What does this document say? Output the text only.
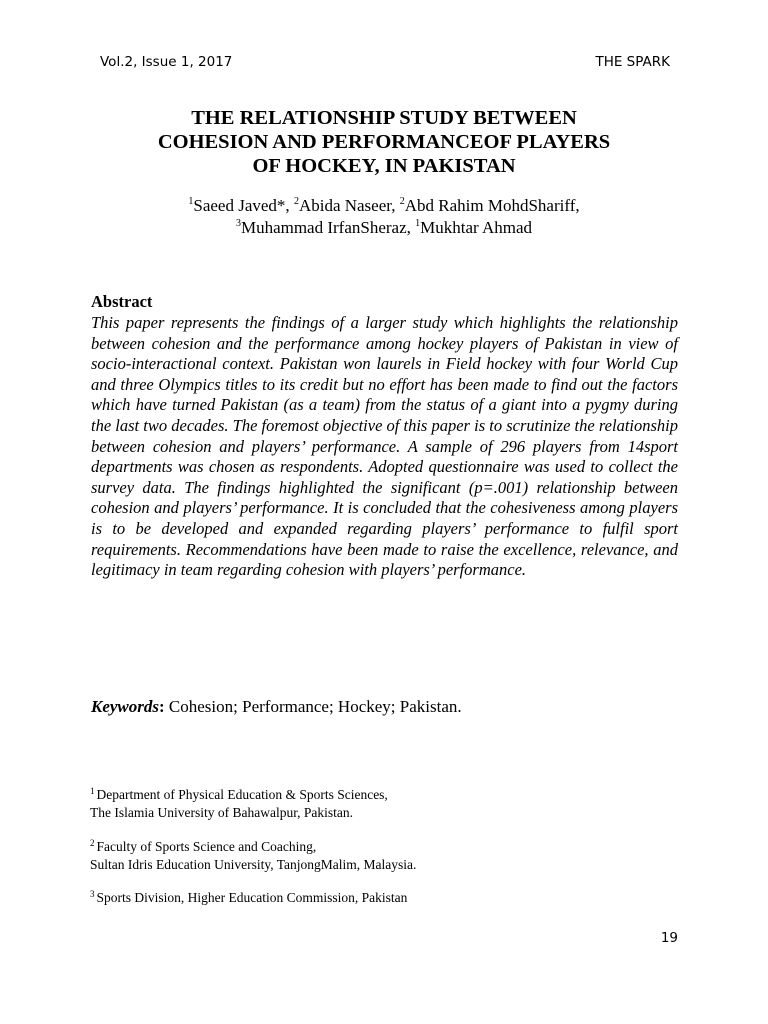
Vol.2, Issue 1, 2017	THE SPARK
THE RELATIONSHIP STUDY BETWEEN
COHESION AND PERFORMANCEOF PLAYERS
OF HOCKEY, IN PAKISTAN
$^1$Saeed Javed*, $^2$Abida Naseer, $^2$Abd Rahim MohdShariff,
$^3$Muhammad IrfanSheraz, $^1$Mukhtar Ahmad
Abstract

This paper represents the findings of a larger study which highlights the relationship between cohesion and the performance among hockey players of Pakistan in view of socio-interactional context. Pakistan won laurels in Field hockey with four World Cup and three Olympics titles to its credit but no effort has been made to find out the factors which have turned Pakistan (as a team) from the status of a giant into a pygmy during the last two decades. The foremost objective of this paper is to scrutinize the relationship between cohesion and players’ performance. A sample of 296 players from 14sport departments was chosen as respondents. Adopted questionnaire was used to collect the survey data. The findings highlighted the significant (p=.001) relationship between cohesion and players’ performance. It is concluded that the cohesiveness among players is to be developed and expanded regarding players’ performance to fulfil sport requirements. Recommendations have been made to raise the excellence, relevance, and legitimacy in team regarding cohesion with players’ performance.

Keywords: Cohesion; Performance; Hockey; Pakistan.
$^1$ Department of Physical Education & Sports Sciences,
The Islamia University of Bahawalpur, Pakistan.
$^2$ Faculty of Sports Science and Coaching,
Sultan Idris Education University, TanjongMalim, Malaysia.
$^3$ Sports Division, Higher Education Commission, Pakistan
19
